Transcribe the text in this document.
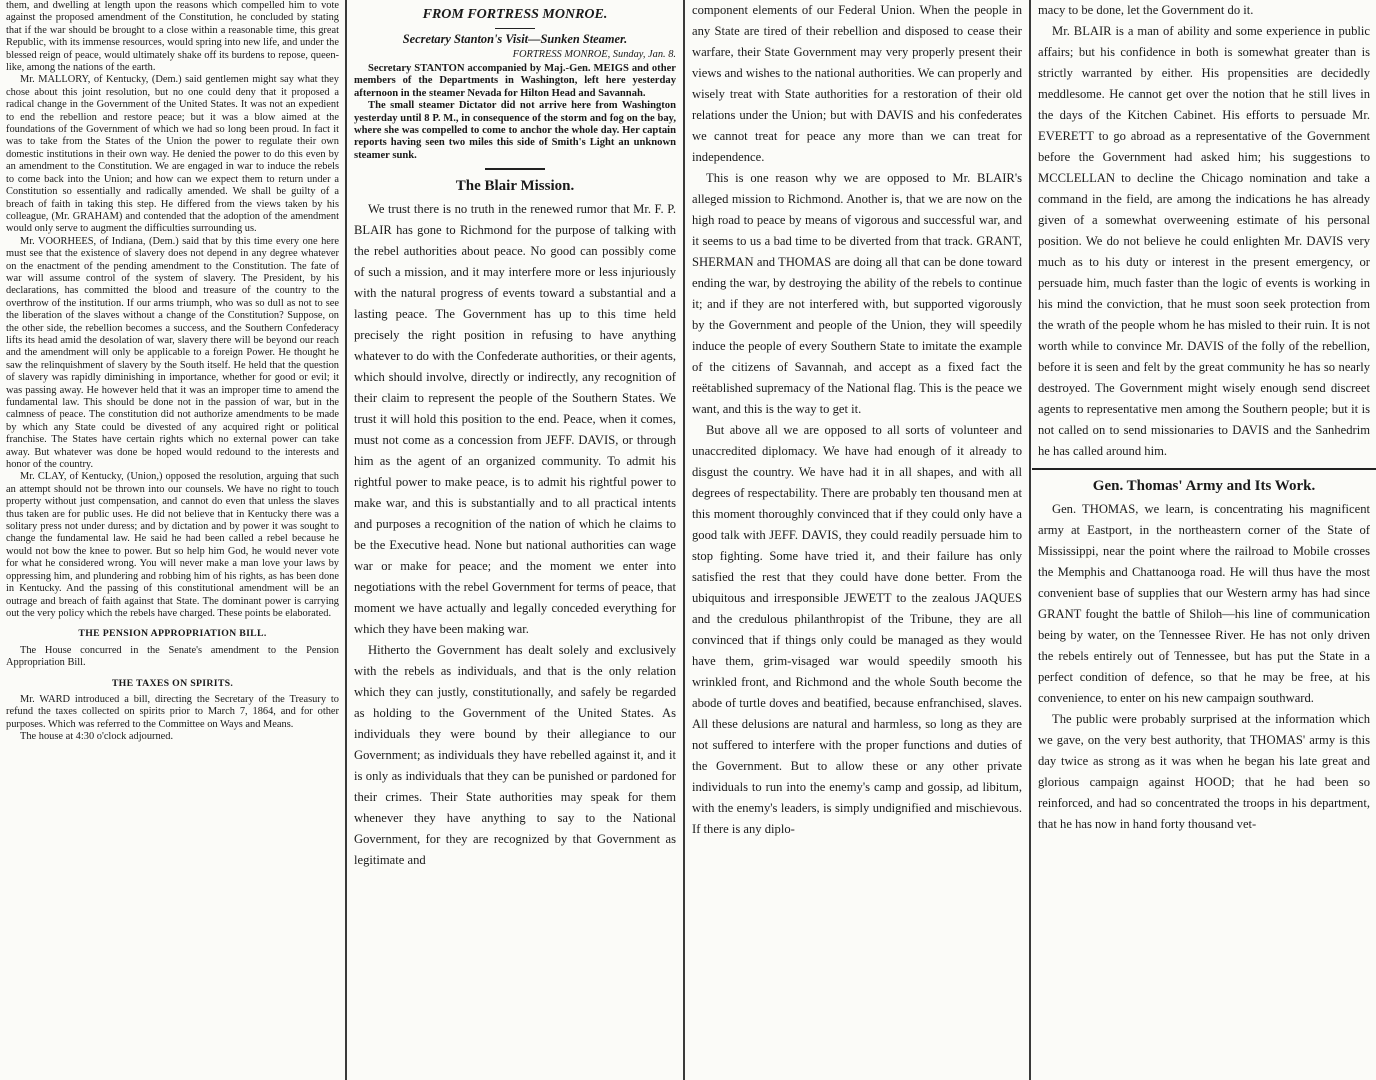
them, and dwelling at length upon the reasons which compelled him to vote against the proposed amendment of the Constitution, he concluded by stating that if the war should be brought to a close within a reasonable time, this great Republic, with its immense resources, would spring into new life, and under the blessed reign of peace, would ultimately shake off its burdens to repose, queen-like, among the nations of the earth.

Mr. MALLORY, of Kentucky, (Dem.) said gentlemen might say what they chose about this joint resolution, but no one could deny that it proposed a radical change in the Government of the United States. It was not an expedient to end the rebellion and restore peace; but it was a blow aimed at the foundations of the Government of which we had so long been proud. In fact it was to take from the States of the Union the power to regulate their own domestic institutions in their own way. He denied the power to do this even by an amendment to the Constitution. We are engaged in war to induce the rebels to come back into the Union; and how can we expect them to return under a Constitution so essentially and radically amended. We shall be guilty of a breach of faith in taking this step. He differed from the views taken by his colleague, (Mr. GRAHAM) and contended that the adoption of the amendment would only serve to augment the difficulties surrounding us.

Mr. VOORHEES, of Indiana, (Dem.) said that by this time every one here must see that the existence of slavery does not depend in any degree whatever on the enactment of the pending amendment to the Constitution. The fate of war will assume control of the system of slavery. The President, by his declarations, has committed the blood and treasure of the country to the overthrow of the institution. If our arms triumph, who was so dull as not to see the liberation of the slaves without a change of the Constitution? Suppose, on the other side, the rebellion becomes a success, and the Southern Confederacy lifts its head amid the desolation of war, slavery there will be beyond our reach and the amendment will only be applicable to a foreign Power. He thought he saw the relinquishment of slavery by the South itself. He held that the question of slavery was rapidly diminishing in importance, whether for good or evil; it was passing away. He however held that it was an improper time to amend the fundamental law. This should be done not in the passion of war, but in the calmness of peace. The constitution did not authorize amendments to be made by which any State could be divested of any acquired right or political franchise. The States have certain rights which no external power can take away. But whatever was done be hoped would redound to the interests and honor of the country.

Mr. CLAY, of Kentucky, (Union,) opposed the resolution, arguing that such an attempt should not be thrown into our counsels. We have no right to touch property without just compensation, and cannot do even that unless the slaves thus taken are for public uses. He did not believe that in Kentucky there was a solitary press not under duress; and by dictation and by power it was sought to change the fundamental law. He said he had been called a rebel because he would not bow the knee to power. But so help him God, he would never vote for what he considered wrong. You will never make a man love your laws by oppressing him, and plundering and robbing him of his rights, as has been done in Kentucky. And the passing of this constitutional amendment will be an outrage and breach of faith against that State. The dominant power is carrying out the very policy which the rebels have charged. These points be elaborated.

THE PENSION APPROPRIATION BILL.

The House concurred in the Senate's amendment to the Pension Appropriation Bill.

THE TAXES ON SPIRITS.

Mr. WARD introduced a bill, directing the Secretary of the Treasury to refund the taxes collected on spirits prior to March 7, 1864, and for other purposes. Which was referred to the Committee on Ways and Means.

The house at 4:30 o'clock adjourned.

FROM FORTRESS MONROE.
Secretary Stanton's Visit—Sunken Steamer.
FORTRESS MONROE, Sunday, Jan. 8.

Secretary STANTON accompanied by Maj.-Gen. MEIGS and other members of the Departments in Washington, left here yesterday afternoon in the steamer Nevada for Hilton Head and Savannah.

The small steamer Dictator did not arrive here from Washington yesterday until 8 P. M., in consequence of the storm and fog on the bay, where she was compelled to come to anchor the whole day. Her captain reports having seen two miles this side of Smith's Light an unknown steamer sunk.

The Blair Mission.

We trust there is no truth in the renewed rumor that Mr. F. P. BLAIR has gone to Richmond for the purpose of talking with the rebel authorities about peace. No good can possibly come of such a mission, and it may interfere more or less injuriously with the natural progress of events toward a substantial and a lasting peace. The Government has up to this time held precisely the right position in refusing to have anything whatever to do with the Confederate authorities, or their agents, which should involve, directly or indirectly, any recognition of their claim to represent the people of the Southern States. We trust it will hold this position to the end. Peace, when it comes, must not come as a concession from JEFF. DAVIS, or through him as the agent of an organized community. To admit his rightful power to make peace, is to admit his rightful power to make war, and this is substantially and to all practical intents and purposes a recognition of the nation of which he claims to be the Executive head. None but national authorities can wage war or make for peace; and the moment we enter into negotiations with the rebel Government for terms of peace, that moment we have actually and legally conceded everything for which they have been making war.

Hitherto the Government has dealt solely and exclusively with the rebels as individuals, and that is the only relation which they can justly, constitutionally, and safely be regarded as holding to the Government of the United States. As individuals they were bound by their allegiance to our Government; as individuals they have rebelled against it, and it is only as individuals that they can be punished or pardoned for their crimes. Their State authorities may speak for them whenever they have anything to say to the National Government, for they are recognized by that Government as legitimate and

component elements of our Federal Union. When the people in any State are tired of their rebellion and disposed to cease their warfare, their State Government may very properly present their views and wishes to the national authorities. We can properly and wisely treat with State authorities for a restoration of their old relations under the Union; but with DAVIS and his confederates we cannot treat for peace any more than we can treat for independence.

This is one reason why we are opposed to Mr. BLAIR's alleged mission to Richmond. Another is, that we are now on the high road to peace by means of vigorous and successful war, and it seems to us a bad time to be diverted from that track. GRANT, SHERMAN and THOMAS are doing all that can be done toward ending the war, by destroying the ability of the rebels to continue it; and if they are not interfered with, but supported vigorously by the Government and people of the Union, they will speedily induce the people of every Southern State to imitate the example of the citizens of Savannah, and accept as a fixed fact the reëtablished supremacy of the National flag. This is the peace we want, and this is the way to get it.

But above all we are opposed to all sorts of volunteer and unaccredited diplomacy. We have had enough of it already to disgust the country. We have had it in all shapes, and with all degrees of respectability. There are probably ten thousand men at this moment thoroughly convinced that if they could only have a good talk with JEFF. DAVIS, they could readily persuade him to stop fighting. Some have tried it, and their failure has only satisfied the rest that they could have done better. From the ubiquitous and irresponsible JEWETT to the zealous JAQUES and the credulous philanthropist of the Tribune, they are all convinced that if things only could be managed as they would have them, grim-visaged war would speedily smooth his wrinkled front, and Richmond and the whole South become the abode of turtle doves and beatified, because enfranchised, slaves. All these delusions are natural and harmless, so long as they are not suffered to interfere with the proper functions and duties of the Government. But to allow these or any other private individuals to run into the enemy's camp and gossip, ad libitum, with the enemy's leaders, is simply undignified and mischievous. If there is any diplo-

macy to be done, let the Government do it.

Mr. BLAIR is a man of ability and some experience in public affairs; but his confidence in both is somewhat greater than is strictly warranted by either. His propensities are decidedly meddlesome. He cannot get over the notion that he still lives in the days of the Kitchen Cabinet. His efforts to persuade Mr. EVERETT to go abroad as a representative of the Government before the Government had asked him; his suggestions to MCCLELLAN to decline the Chicago nomination and take a command in the field, are among the indications he has already given of a somewhat overweening estimate of his personal position. We do not believe he could enlighten Mr. DAVIS very much as to his duty or interest in the present emergency, or persuade him, much faster than the logic of events is working in his mind the conviction, that he must soon seek protection from the wrath of the people whom he has misled to their ruin. It is not worth while to convince Mr. DAVIS of the folly of the rebellion, before it is seen and felt by the great community he has so nearly destroyed. The Government might wisely enough send discreet agents to representative men among the Southern people; but it is not called on to send missionaries to DAVIS and the Sanhedrim he has called around him.

Gen. Thomas' Army and Its Work.

Gen. THOMAS, we learn, is concentrating his magnificent army at Eastport, in the northeastern corner of the State of Mississippi, near the point where the railroad to Mobile crosses the Memphis and Chattanooga road. He will thus have the most convenient base of supplies that our Western army has had since GRANT fought the battle of Shiloh—his line of communication being by water, on the Tennessee River. He has not only driven the rebels entirely out of Tennessee, but has put the State in a perfect condition of defence, so that he may be free, at his convenience, to enter on his new campaign southward.

The public were probably surprised at the information which we gave, on the very best authority, that THOMAS' army is this day twice as strong as it was when he began his late great and glorious campaign against HOOD; that he had been so reinforced, and had so concentrated the troops in his department, that he has now in hand forty thousand vet-
